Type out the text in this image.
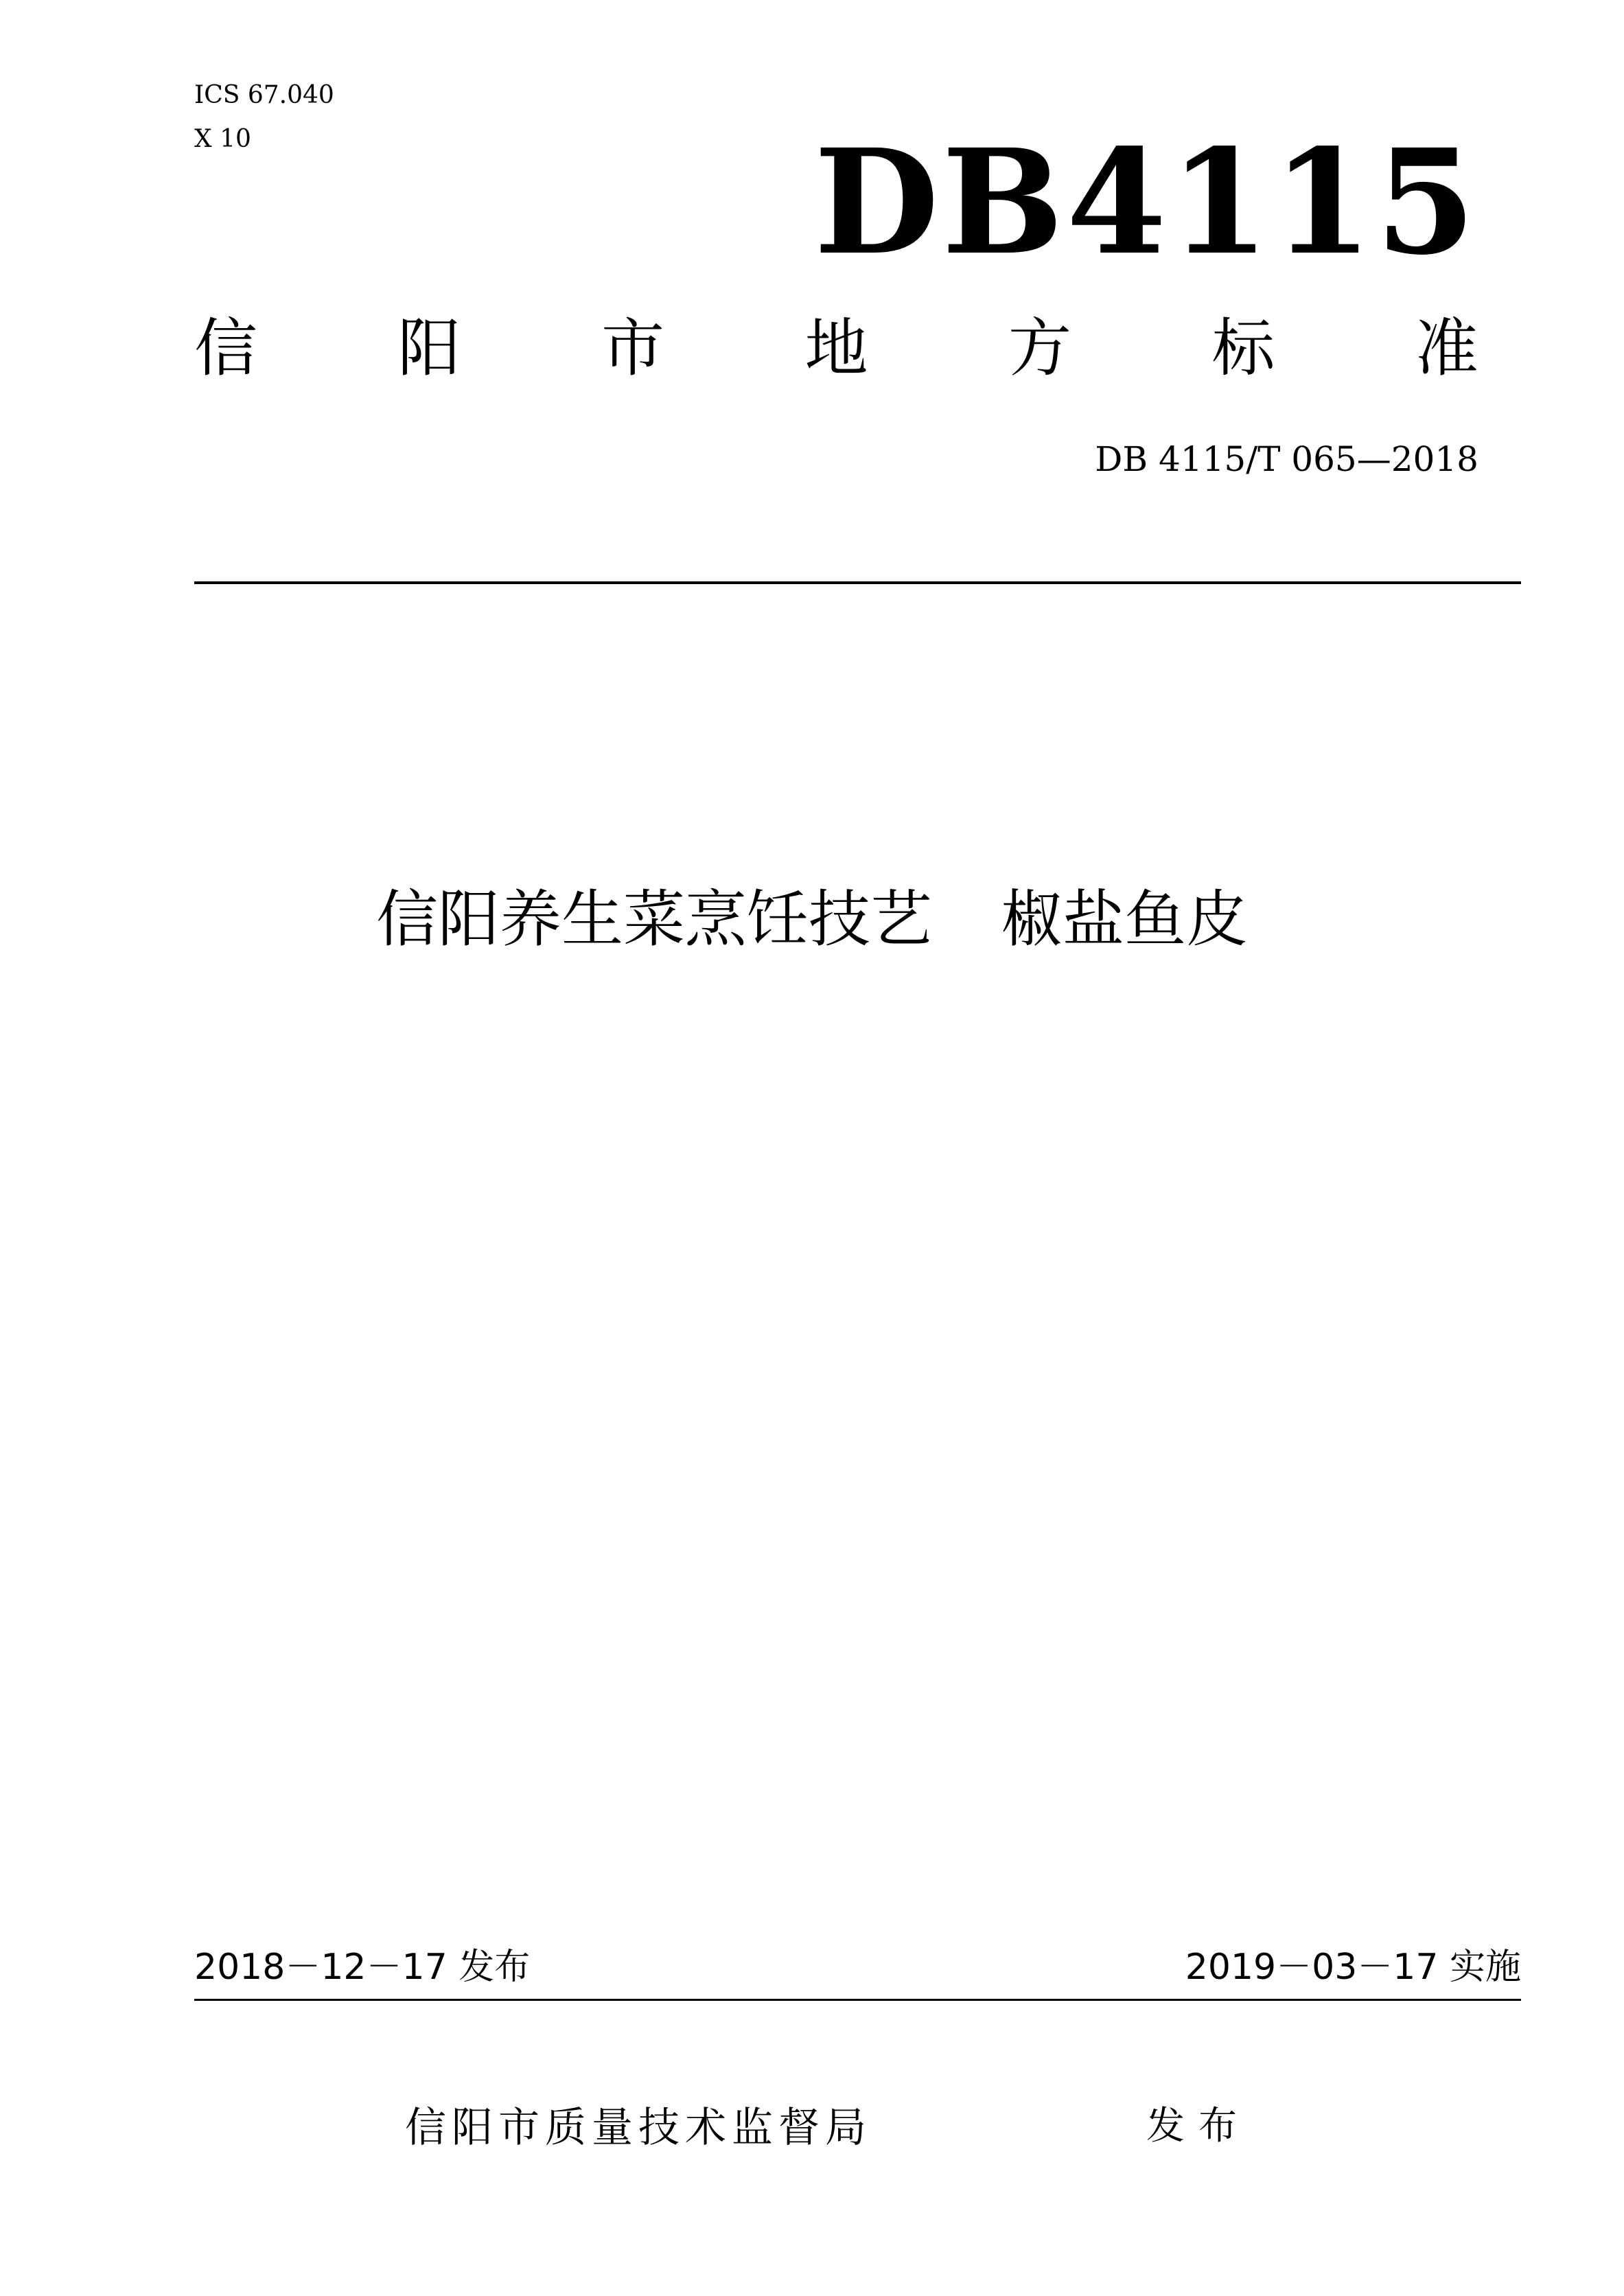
ICS 67.040
X 10	DB4115
信 阳 市 地 方 标 准
DB 4115/T 065—2018
信阳养生菜烹饪技艺 椒盐鱼皮
2018－12－17 发布	2019－03－17 实施
信阳市质量技术监督局	发布
